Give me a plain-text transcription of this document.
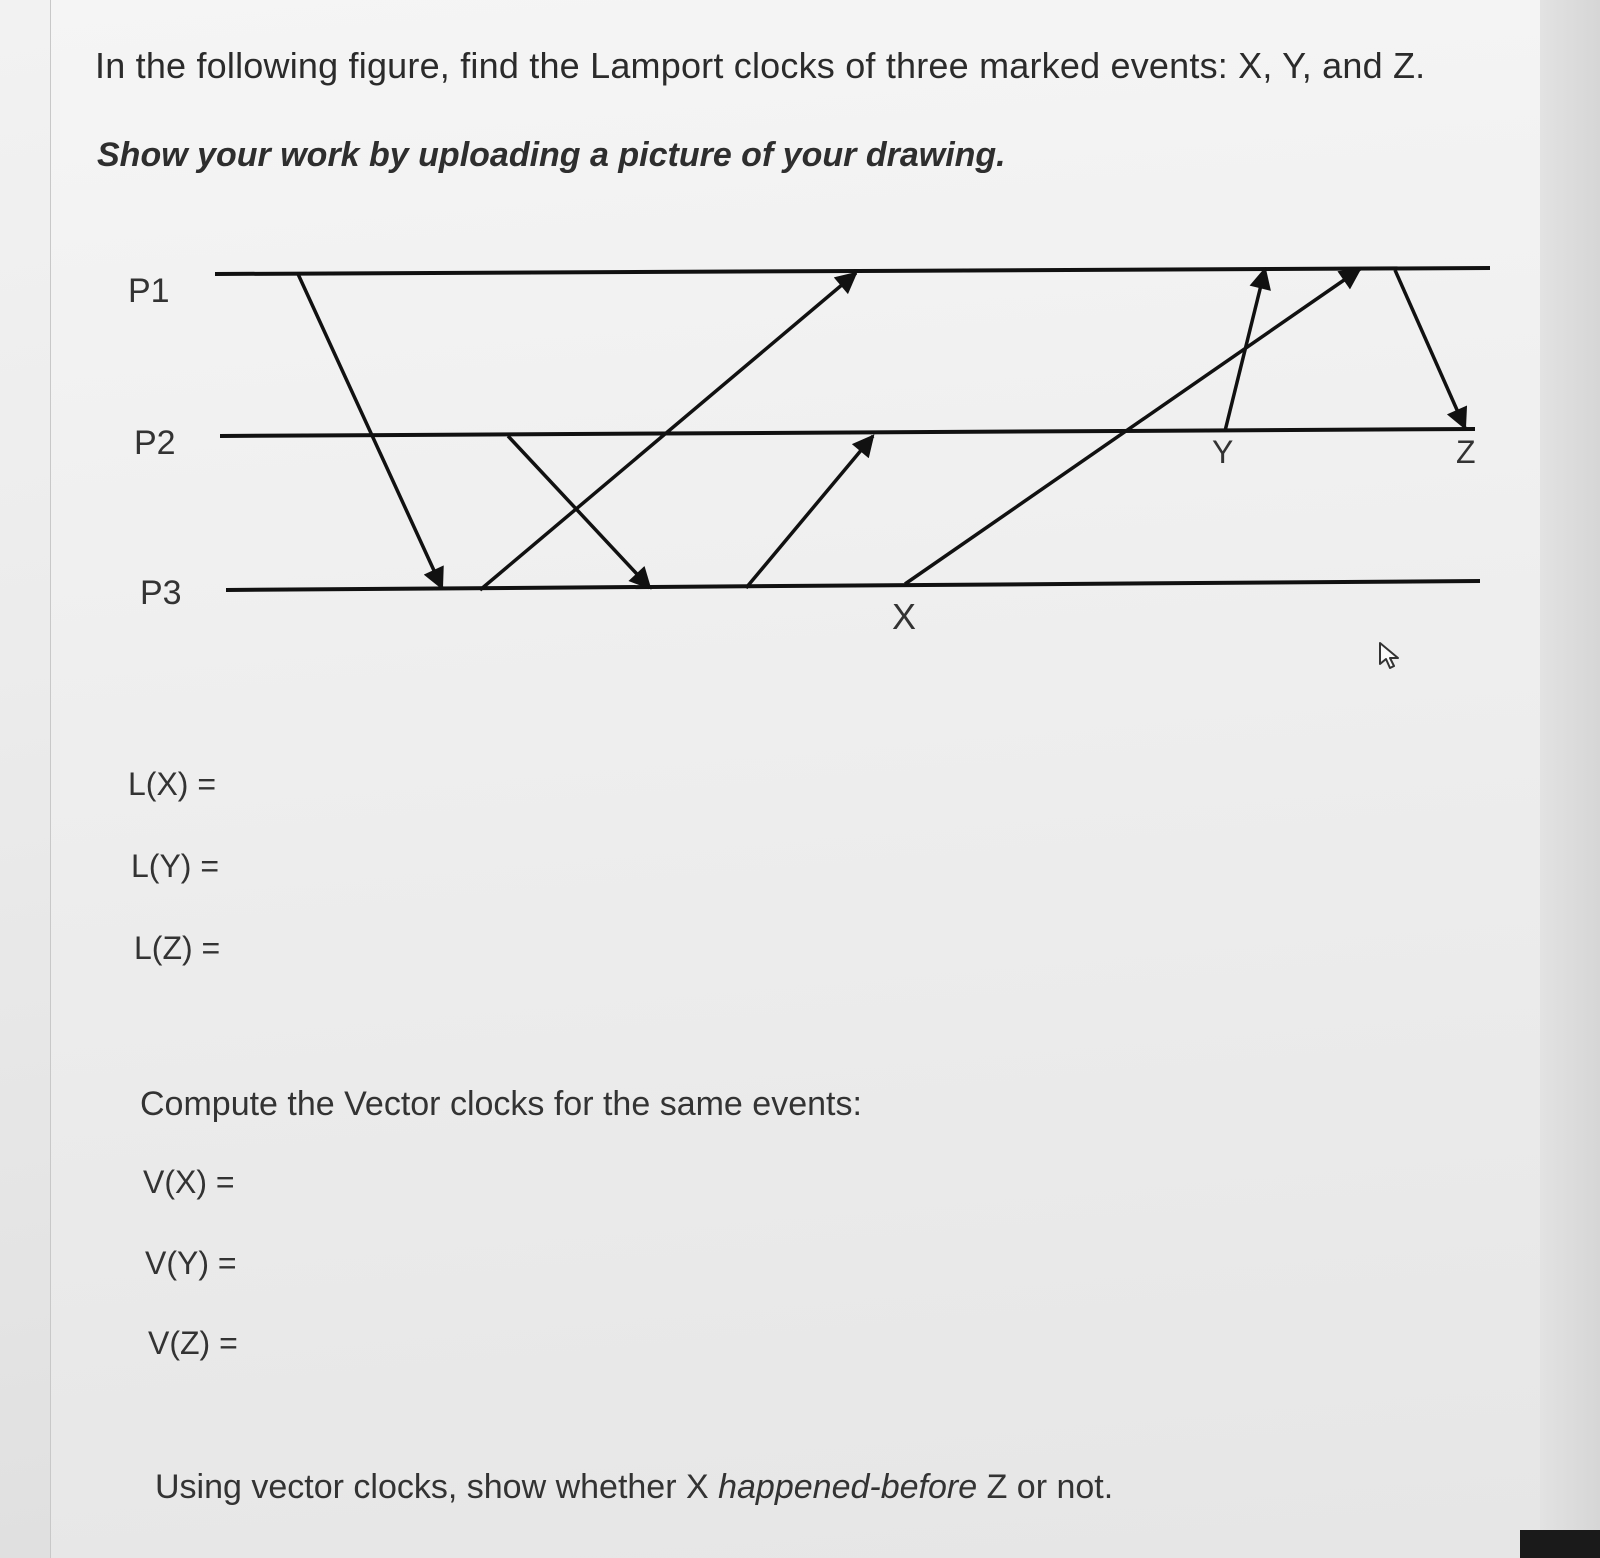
In the following figure, find the Lamport clocks of three marked events: X, Y, and Z.
Show your work by uploading a picture of your drawing.
P1
P2
P3
X
Y	Z
L(X) =
L(Y) =
L(Z) =
Compute the Vector clocks for the same events:
V(X) =
V(Y) =
V(Z) =
Using vector clocks, show whether X happened-before Z or not.
